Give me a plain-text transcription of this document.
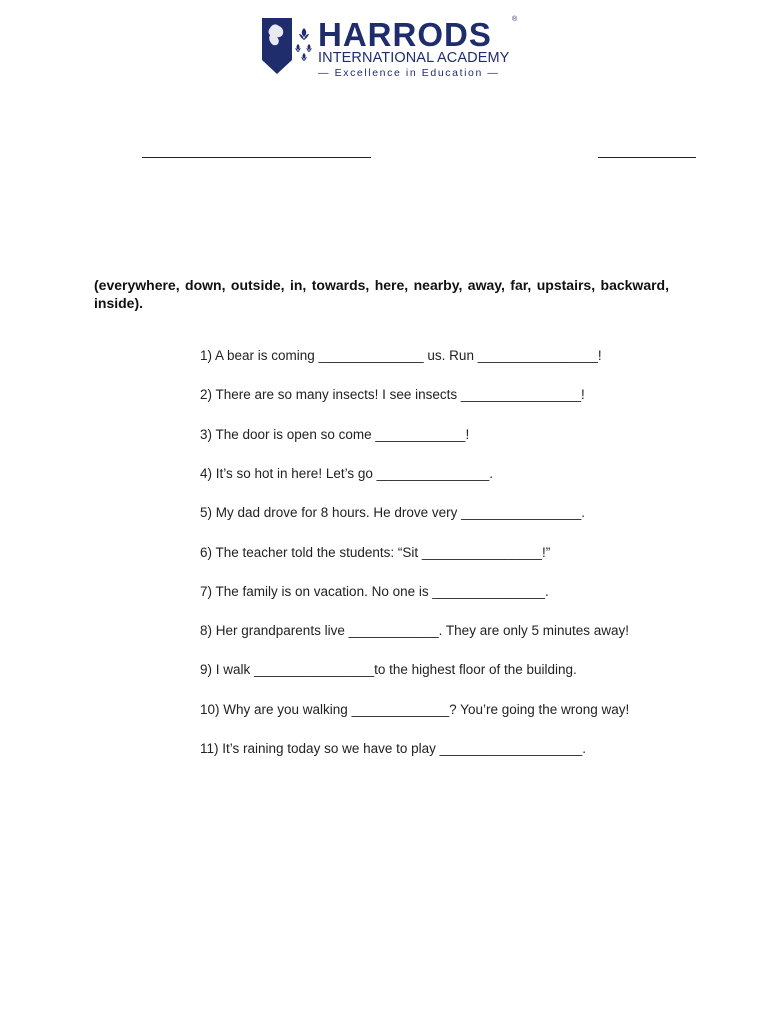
HARRODS	®
INTERNATIONAL ACADEMY
— Excellence in Education —
(everywhere, down, outside, in, towards, here, nearby, away, far, upstairs, backward, inside).
1) A bear is coming ______________ us. Run ________________!
2) There are so many insects! I see insects ________________!
3) The door is open so come ____________!
4) It’s so hot in here! Let’s go _______________.
5) My dad drove for 8 hours. He drove very ________________.
6) The teacher told the students: “Sit ________________!”
7) The family is on vacation. No one is _______________.
8) Her grandparents live ____________. They are only 5 minutes away!
9) I walk ________________to the highest floor of the building.
10) Why are you walking _____________? You’re going the wrong way!
11) It’s raining today so we have to play ___________________.
